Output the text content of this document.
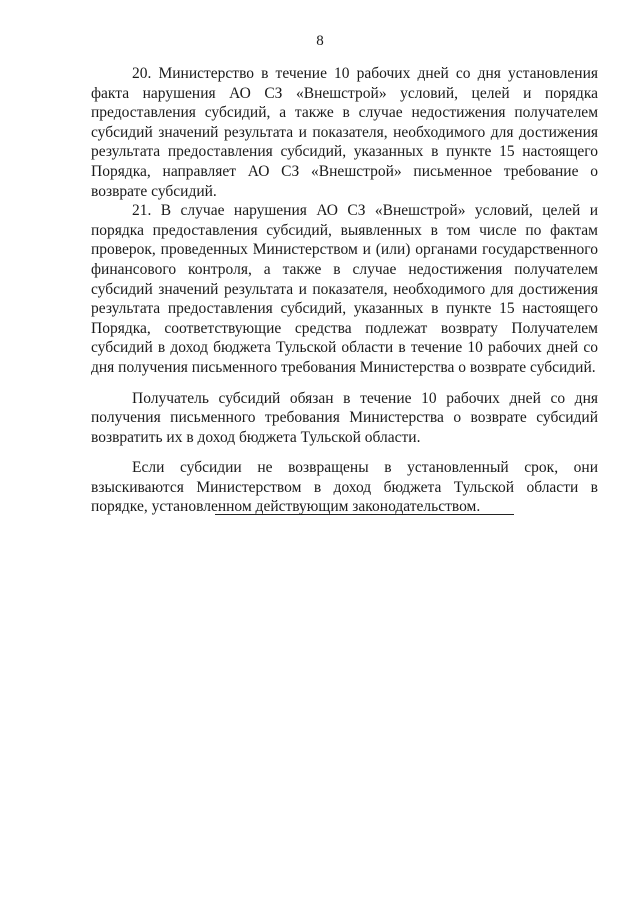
8

20. Министерство в течение 10 рабочих дней со дня установления факта нарушения АО СЗ «Внешстрой» условий, целей и порядка предоставления субсидий, а также в случае недостижения получателем субсидий значений результата и показателя, необходимого для достижения результата предоставления субсидий, указанных в пункте 15 настоящего Порядка, направляет АО СЗ «Внешстрой» письменное требование о возврате субсидий.

21. В случае нарушения АО СЗ «Внешстрой» условий, целей и порядка предоставления субсидий, выявленных в том числе по фактам проверок, проведенных Министерством и (или) органами государственного финансового контроля, а также в случае недостижения получателем субсидий значений результата и показателя, необходимого для достижения результата предоставления субсидий, указанных в пункте 15 настоящего Порядка, соответствующие средства подлежат возврату Получателем субсидий в доход бюджета Тульской области в течение 10 рабочих дней со дня получения письменного требования Министерства о возврате субсидий.

Получатель субсидий обязан в течение 10 рабочих дней со дня получения письменного требования Министерства о возврате субсидий возвратить их в доход бюджета Тульской области.

Если субсидии не возвращены в установленный срок, они взыскиваются Министерством в доход бюджета Тульской области в порядке, установленном действующим законодательством.
